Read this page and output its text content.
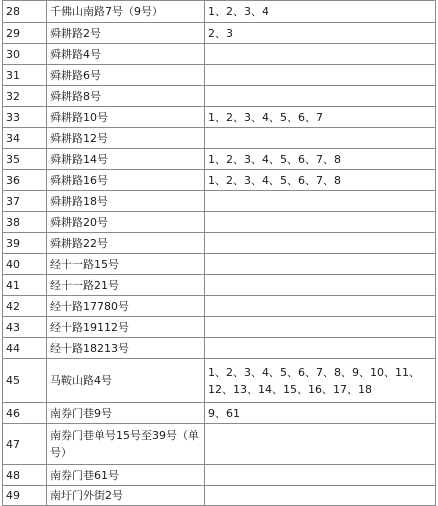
28	千佛山南路7号（9号）	1、2、3、4
29	舜耕路2号	2、3
30	舜耕路4号	
31	舜耕路6号	
32	舜耕路8号	
33	舜耕路10号	1、2、3、4、5、6、7
34	舜耕路12号	
35	舜耕路14号	1、2、3、4、5、6、7、8
36	舜耕路16号	1、2、3、4、5、6、7、8
37	舜耕路18号	
38	舜耕路20号	
39	舜耕路22号	
40	经十一路15号	
41	经十一路21号	
42	经十路17780号	
43	经十路19112号	
44	经十路18213号	
45	马鞍山路4号	1、2、3、4、5、6、7、8、9、10、11、12、13、14、15、16、17、18
46	南券门巷9号	9、61
47	南券门巷单号15号至39号（单号）	
48	南券门巷61号	
49	南圩门外街2号	
